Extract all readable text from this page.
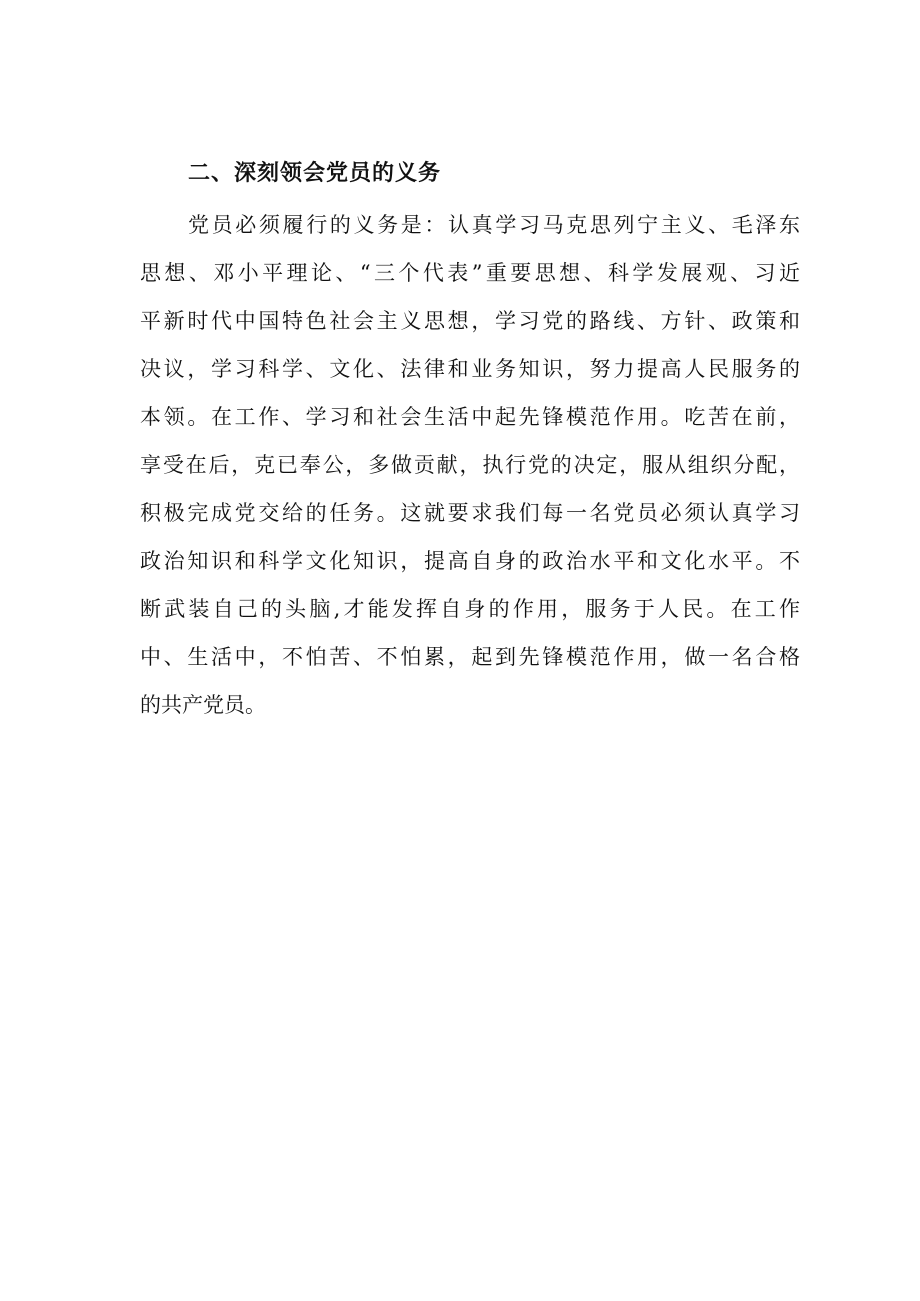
二、深刻领会党员的义务
党员必须履行的义务是：认真学习马克思列宁主义、毛泽东
思想、邓小平理论、“三个代表”重要思想、科学发展观、习近
平新时代中国特色社会主义思想，学习党的路线、方针、政策和
决议，学习科学、文化、法律和业务知识，努力提高人民服务的
本领。在工作、学习和社会生活中起先锋模范作用。吃苦在前，
享受在后，克已奉公，多做贡献，执行党的决定，服从组织分配，
积极完成党交给的任务。这就要求我们每一名党员必须认真学习
政治知识和科学文化知识，提高自身的政治水平和文化水平。不
断武装自己的头脑,才能发挥自身的作用，服务于人民。在工作
中、生活中，不怕苦、不怕累，起到先锋模范作用，做一名合格
的共产党员。
